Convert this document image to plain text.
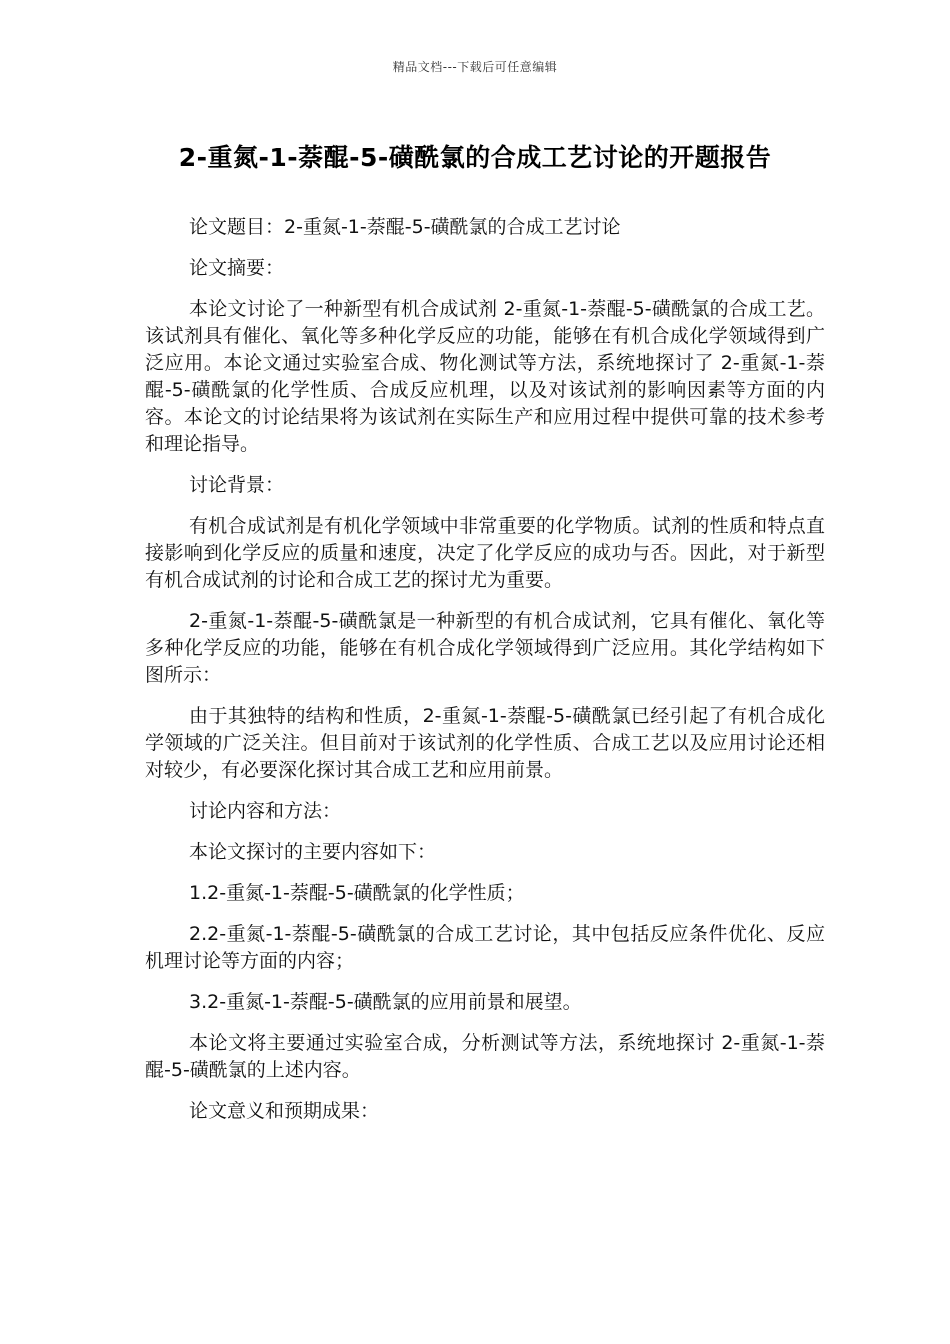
精品文档---下载后可任意编辑
2-重氮-1-萘醌-5-磺酰氯的合成工艺讨论的开题报告

论文题目：2-重氮-1-萘醌-5-磺酰氯的合成工艺讨论

论文摘要：

本论文讨论了一种新型有机合成试剂 2-重氮-1-萘醌-5-磺酰氯的合成工艺。该试剂具有催化、氧化等多种化学反应的功能，能够在有机合成化学领域得到广泛应用。本论文通过实验室合成、物化测试等方法，系统地探讨了 2-重氮-1-萘醌-5-磺酰氯的化学性质、合成反应机理，以及对该试剂的影响因素等方面的内容。本论文的讨论结果将为该试剂在实际生产和应用过程中提供可靠的技术参考和理论指导。

讨论背景：

有机合成试剂是有机化学领域中非常重要的化学物质。试剂的性质和特点直接影响到化学反应的质量和速度，决定了化学反应的成功与否。因此，对于新型有机合成试剂的讨论和合成工艺的探讨尤为重要。

2-重氮-1-萘醌-5-磺酰氯是一种新型的有机合成试剂，它具有催化、氧化等多种化学反应的功能，能够在有机合成化学领域得到广泛应用。其化学结构如下图所示：

由于其独特的结构和性质，2-重氮-1-萘醌-5-磺酰氯已经引起了有机合成化学领域的广泛关注。但目前对于该试剂的化学性质、合成工艺以及应用讨论还相对较少，有必要深化探讨其合成工艺和应用前景。

讨论内容和方法：

本论文探讨的主要内容如下：

1.2-重氮-1-萘醌-5-磺酰氯的化学性质；

2.2-重氮-1-萘醌-5-磺酰氯的合成工艺讨论，其中包括反应条件优化、反应机理讨论等方面的内容；

3.2-重氮-1-萘醌-5-磺酰氯的应用前景和展望。

本论文将主要通过实验室合成，分析测试等方法，系统地探讨 2-重氮-1-萘醌-5-磺酰氯的上述内容。

论文意义和预期成果：
